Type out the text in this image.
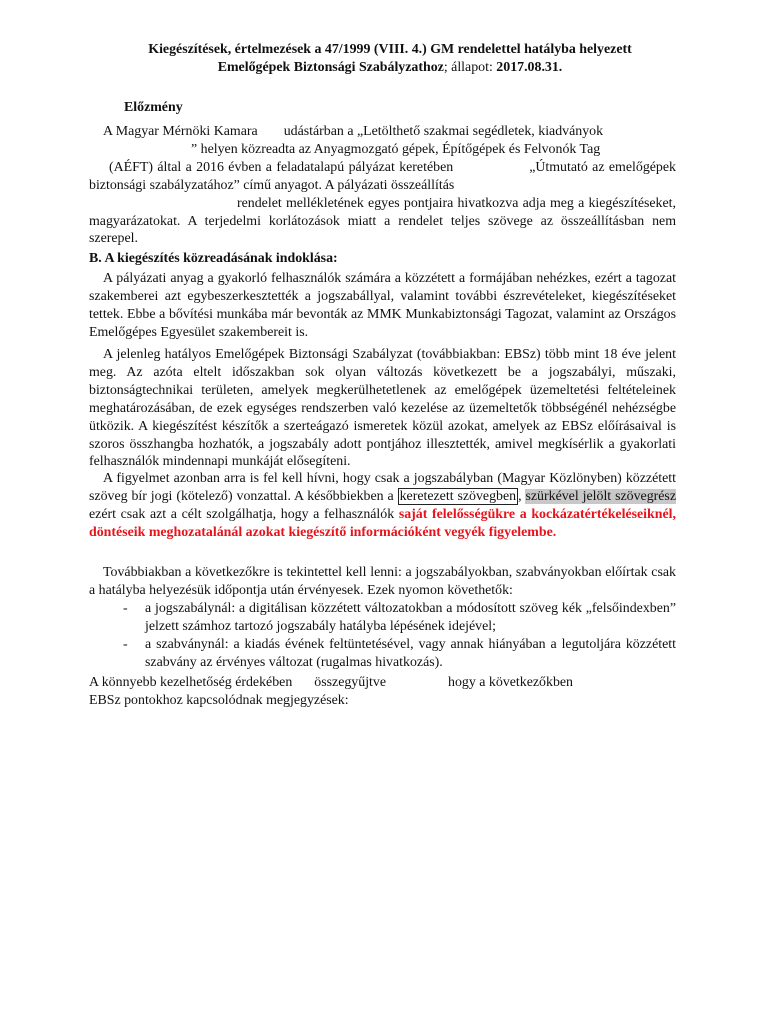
Kiegészítések, értelmezések a 47/1999 (VIII. 4.) GM rendelettel hatályba helyezett
Emelőgépek Biztonsági Szabályzathoz; állapot: 2017.08.31.
Előzmény
A Magyar Mérnöki Kamara udástárban a „Letölthető szakmai segédletek, kiadványok
” helyen közreadta az Anyagmozgató gépek, Építőgépek és Felvonók Tag
(AÉFT) által a 2016 évben a feladatalapú pályázat keretében	„Útmutató az emelőgépek biztonsági szabályzatához” című anyagot. A pályázati összeállítás
rendelet mellékletének egyes pontjaira hivatkozva adja meg a kiegészítéseket, magyarázatokat. A terjedelmi korlátozások miatt a rendelet teljes szövege az összeállításban nem szerepel.
B. A kiegészítés közreadásának indoklása:
A pályázati anyag a gyakorló felhasználók számára a közzétett a formájában nehézkes, ezért a tagozat szakemberei azt egybeszerkesztették a jogszabállyal, valamint további észrevételeket, kiegészítéseket tettek. Ebbe a bővítési munkába már bevonták az MMK Munkabiztonsági Tagozat, valamint az Országos Emelőgépes Egyesület szakembereit is.
A jelenleg hatályos Emelőgépek Biztonsági Szabályzat (továbbiakban: EBSz) több mint 18 éve jelent meg. Az azóta eltelt időszakban sok olyan változás következett be a jogszabályi, műszaki, biztonságtechnikai területen, amelyek megkerülhetetlenek az emelőgépek üzemeltetési feltételeinek meghatározásában, de ezek egységes rendszerben való kezelése az üzemeltetők többségénél nehézségbe ütközik. A kiegészítést készítők a szerteágazó ismeretek közül azokat, amelyek az EBSz előírásaival is szoros összhangba hozhatók, a jogszabály adott pontjához illesztették, amivel megkísérlik a gyakorlati felhasználók mindennapi munkáját elősegíteni.
A figyelmet azonban arra is fel kell hívni, hogy csak a jogszabályban (Magyar Közlönyben) közzétett szöveg bír jogi (kötelező) vonzattal. A későbbiekben a keretezett szövegben , szürkével jelölt szövegrész ezért csak azt a célt szolgálhatja, hogy a felhasználók saját felelősségükre a kockázatértékeléseiknél, döntéseik meghozatalánál azokat kiegészítő információként vegyék figyelembe.
Továbbiakban a következőkre is tekintettel kell lenni: a jogszabályokban, szabványokban előírtak csak a hatályba helyezésük időpontja után érvényesek. Ezek nyomon követhetők:
- a jogszabálynál: a digitálisan közzétett változatokban a módosított szöveg kék „felsőindexben” jelzett számhoz tartozó jogszabály hatályba lépésének idejével;
- a szabványnál: a kiadás évének feltüntetésével, vagy annak hiányában a legutoljára közzétett szabvány az érvényes változat (rugalmas hivatkozás).
A könnyebb kezelhetőség érdekében összegyűjtve	hogy a következőkben
EBSz pontokhoz kapcsolódnak megjegyzések:
